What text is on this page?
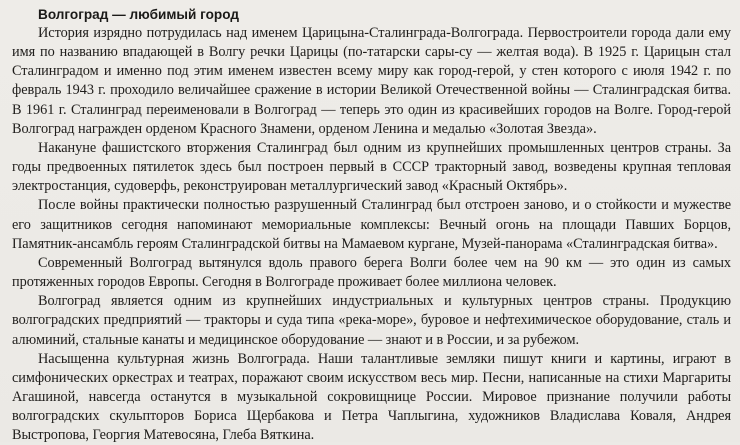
Волгоград — любимый город

История изрядно потрудилась над именем Царицына-Сталинграда-Волгограда. Первостроители города дали ему имя по названию впадающей в Волгу речки Царицы (по-татарски сары-су — желтая вода). В 1925 г. Царицын стал Сталинградом и именно под этим именем известен всему миру как город-герой, у стен которого с июля 1942 г. по февраль 1943 г. проходило величайшее сражение в истории Великой Отечественной войны — Сталинградская битва. В 1961 г. Сталинград переименовали в Волгоград — теперь это один из красивейших городов на Волге. Город-герой Волгоград награжден орденом Красного Знамени, орденом Ленина и медалью «Золотая Звезда».

Накануне фашистского вторжения Сталинград был одним из крупнейших промышленных центров страны. За годы предвоенных пятилеток здесь был построен первый в СССР тракторный завод, возведены крупная тепловая электростанция, судоверфь, реконструирован металлургический завод «Красный Октябрь».

После войны практически полностью разрушенный Сталинград был отстроен заново, и о стойкости и мужестве его защитников сегодня напоминают мемориальные комплексы: Вечный огонь на площади Павших Борцов, Памятник-ансамбль героям Сталинградской битвы на Мамаевом кургане, Музей-панорама «Сталинградская битва».

Современный Волгоград вытянулся вдоль правого берега Волги более чем на 90 км — это один из самых протяженных городов Европы. Сегодня в Волгограде проживает более миллиона человек.

Волгоград является одним из крупнейших индустриальных и культурных центров страны. Продукцию волгоградских предприятий — тракторы и суда типа «река-море», буровое и нефтехимическое оборудование, сталь и алюминий, стальные канаты и медицинское оборудование — знают и в России, и за рубежом.

Насыщенна культурная жизнь Волгограда. Наши талантливые земляки пишут книги и картины, играют в симфонических оркестрах и театрах, поражают своим искусством весь мир. Песни, написанные на стихи Маргариты Агашиной, навсегда останутся в музыкальной сокровищнице России. Мировое признание получили работы волгоградских скульпторов Бориса Щербакова и Петра Чаплыгина, художников Владислава Коваля, Андрея Выстропова, Георгия Матевосяна, Глеба Вяткина.
